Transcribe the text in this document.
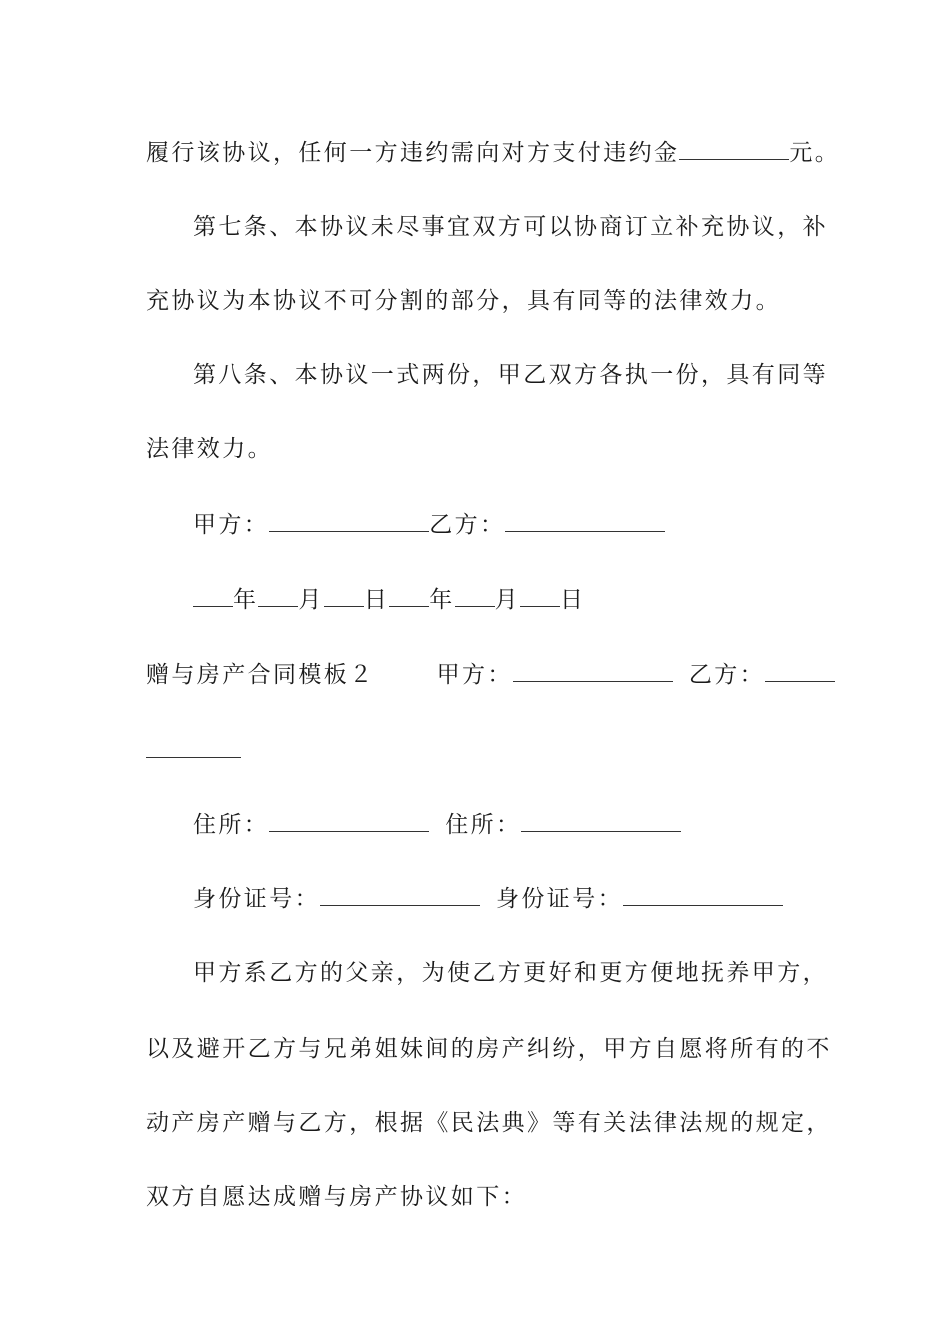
履行该协议，任何一方违约需向对方支付违约金	元。
第七条、本协议未尽事宜双方可以协商订立补充协议，补
充协议为本协议不可分割的部分，具有同等的法律效力。
第八条、本协议一式两份，甲乙双方各执一份，具有同等
法律效力。
甲方：	乙方：
年 月 日 年 月 日
赠与房产合同模板２	甲方：	乙方：
住所：	住所：
身份证号：	身份证号：
甲方系乙方的父亲，为使乙方更好和更方便地抚养甲方，
以及避开乙方与兄弟姐妹间的房产纠纷，甲方自愿将所有的不
动产房产赠与乙方，根据《民法典》等有关法律法规的规定，
双方自愿达成赠与房产协议如下：
